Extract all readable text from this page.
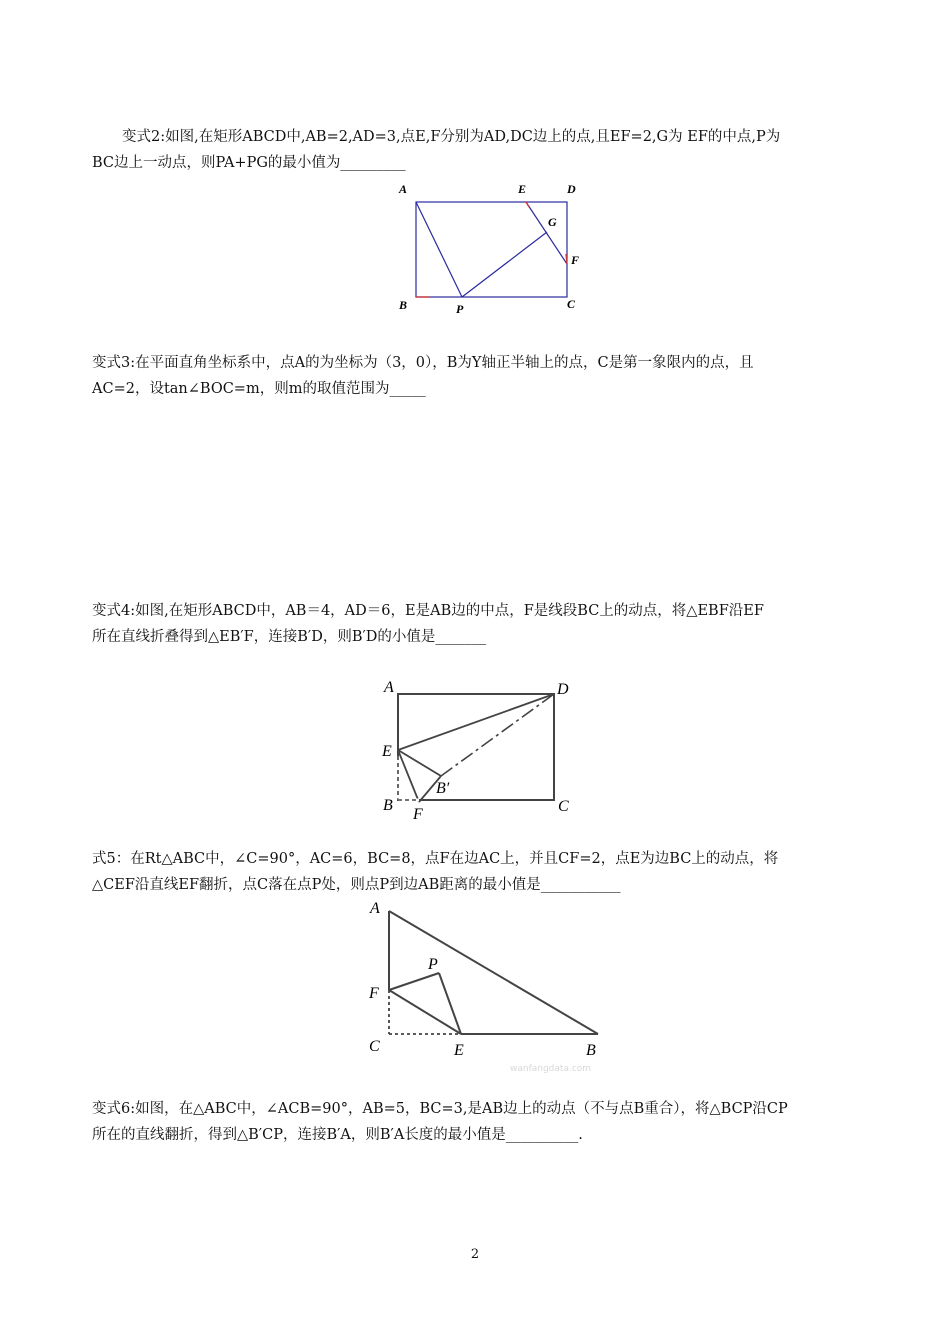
变式2:如图,在矩形ABCD中,AB=2,AD=3,点E,F分别为AD,DC边上的点,且EF=2,G为 EF的中点,P为

BC边上一动点，则PA+PG的最小值为_________

A	E	D
G
F
B	P	C

变式3:在平面直角坐标系中，点A的为坐标为（3，0），B为Y轴正半轴上的点，C是第一象限内的点，且

AC=2，设tan∠BOC=m，则m的取值范围为_____

变式4:如图,在矩形ABCD中，AB＝4，AD＝6，E是AB边的中点，F是线段BC上的动点，将△EBF沿EF

所在直线折叠得到△EB′F，连接B′D，则B′D的小值是_______

A	D
E
B
B′
F	C

式5：在Rt△ABC中，∠C=90°，AC=6，BC=8，点F在边AC上，并且CF=2，点E为边BC上的动点，将

△CEF沿直线EF翻折，点C落在点P处，则点P到边AB距离的最小值是___________

A
P
F
C	E	B
wanfangdata.com

变式6:如图，在△ABC中，∠ACB=90°，AB=5，BC=3,是AB边上的动点（不与点B重合），将△BCP沿CP

所在的直线翻折，得到△B′CP，连接B′A，则B′A长度的最小值是__________.

2
